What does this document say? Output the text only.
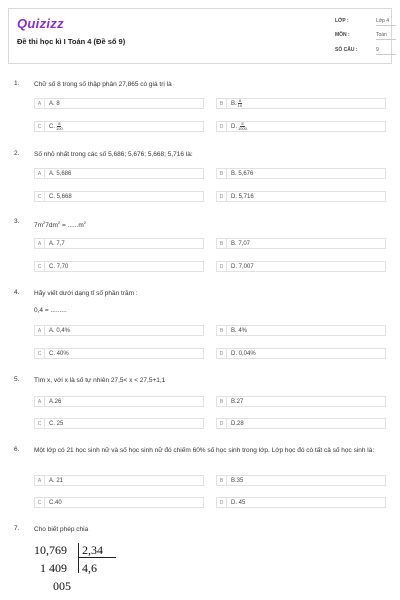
Quizizz
Đề thi học kì I Toán 4 (Đề số 9)
LỚP :	Lớp 4
MÔN :	Toán
SỐ CÂU :	9
1. Chữ số 8 trong số thập phân 27,865 có giá trị là
A	A. 8	B	B. $\frac{8}{10}$
C	C. $\frac{8}{100}$	D	D. $\frac{8}{1000}$
2. Số nhỏ nhất trong các số 5,686; 5,676; 5,668; 5,716 là:
A	A. 5,686	B	B. 5,676
C	C. 5,668	D	D. 5,716
3.
$7m^27dm^2 = ......m^2$
A	A. 7,7	B	B. 7,07
C	C. 7,70	D	D. 7,007
4. Hãy viết dưới dạng tỉ số phần trăm :
0,4 = .........
A	A. 0,4%	B	B. 4%
C	C. 40%	D	D. 0,04%
5. Tìm x, với x là số tự nhiên 27,5< x < 27,5+1,1
A	A.26	B	B.27
C	C. 25	D	D.28
6. Một lớp có 21 học sinh nữ và số học sinh nữ đó chiếm 60% số học sinh trong lớp. Lớp học đó có tất cả số học sinh là:
A	A. 21	B	B.35
C	C.40	D	D. 45
7. Cho biết phép chia
10,769 2,34
1 409 4,6
005
